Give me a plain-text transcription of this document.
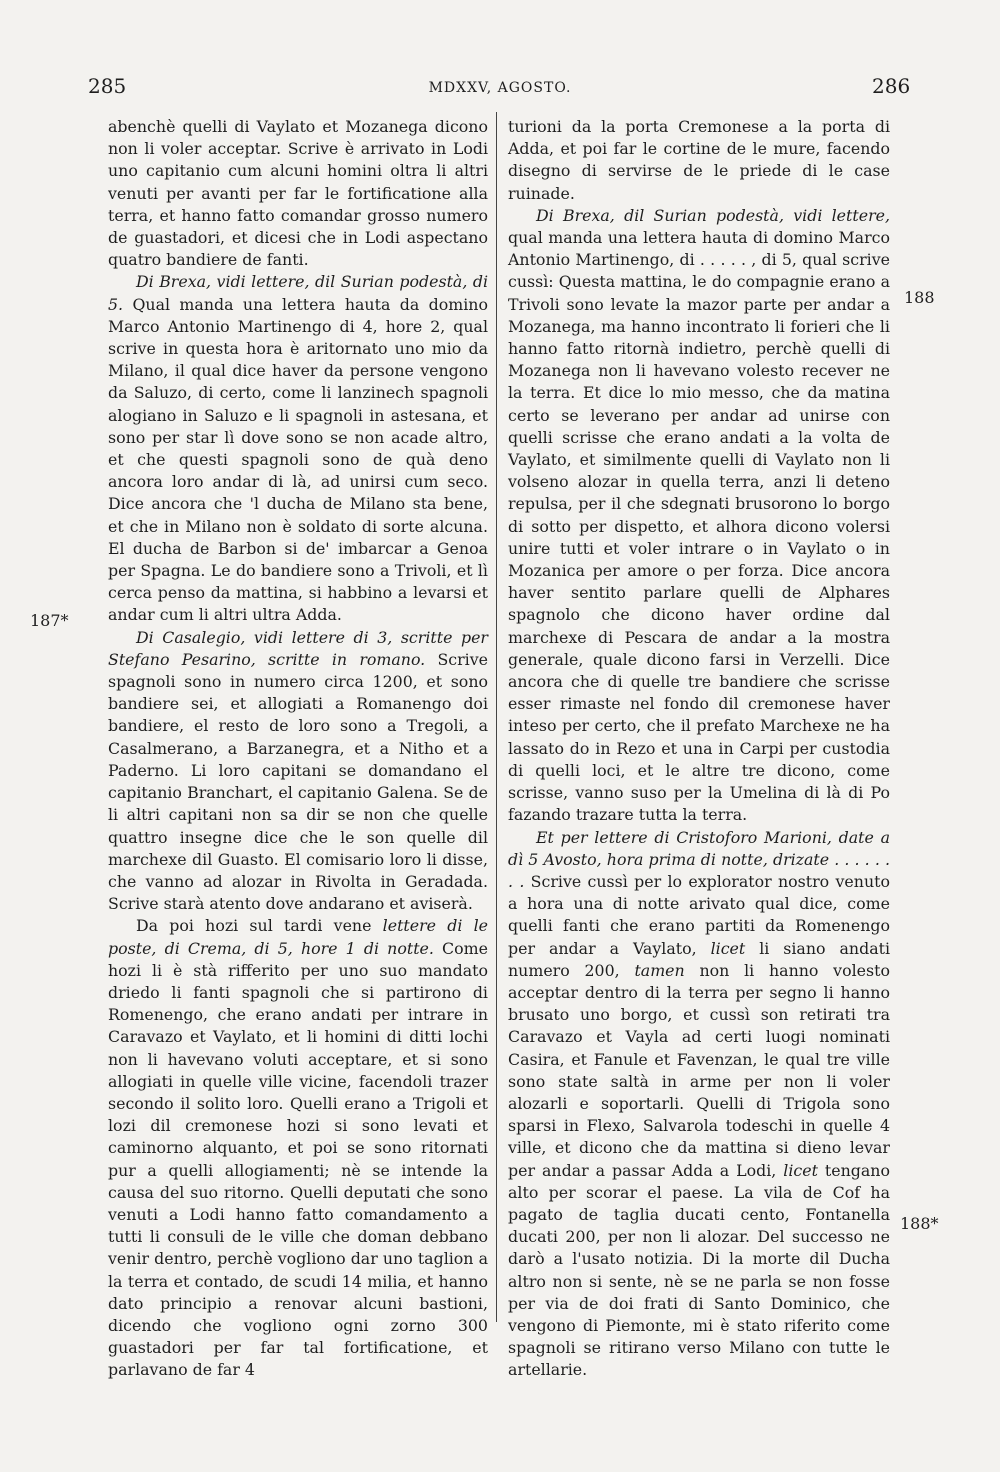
285	MDXXV, AGOSTO.	286
187*
188
188*

abenchè quelli di Vaylato et Mozanega dicono non li voler acceptar. Scrive è arrivato in Lodi uno capitanio cum alcuni homini oltra li altri venuti per avanti per far le fortificatione alla terra, et hanno fatto comandar grosso numero de guastadori, et dicesi che in Lodi aspectano quatro bandiere de fanti.

Di Brexa, vidi lettere, dil Surian podestà, di 5. Qual manda una lettera hauta da domino Marco Antonio Martinengo di 4, hore 2, qual scrive in questa hora è aritornato uno mio da Milano, il qual dice haver da persone vengono da Saluzo, di certo, come li lanzinech spagnoli alogiano in Saluzo e li spagnoli in astesana, et sono per star lì dove sono se non acade altro, et che questi spagnoli sono de quà deno ancora loro andar di là, ad unirsi cum seco. Dice ancora che 'l ducha de Milano sta bene, et che in Milano non è soldato di sorte alcuna. El ducha de Barbon si de' imbarcar a Genoa per Spagna. Le do bandiere sono a Trivoli, et lì cerca penso da mattina, si habbino a levarsi et andar cum li altri ultra Adda.

Di Casalegio, vidi lettere di 3, scritte per Stefano Pesarino, scritte in romano. Scrive spagnoli sono in numero circa 1200, et sono bandiere sei, et allogiati a Romanengo doi bandiere, el resto de loro sono a Tregoli, a Casalmerano, a Barzanegra, et a Nitho et a Paderno. Li loro capitani se domandano el capitanio Branchart, el capitanio Galena. Se de li altri capitani non sa dir se non che quelle quattro insegne dice che le son quelle dil marchexe dil Guasto. El comisario loro li disse, che vanno ad alozar in Rivolta in Geradada. Scrive starà atento dove andarano et aviserà.

Da poi hozi sul tardi vene lettere di le poste, di Crema, di 5, hore 1 di notte. Come hozi li è stà rifferito per uno suo mandato driedo li fanti spagnoli che si partirono di Romenengo, che erano andati per intrare in Caravazo et Vaylato, et li homini di ditti lochi non li havevano voluti acceptare, et si sono allogiati in quelle ville vicine, facendoli trazer secondo il solito loro. Quelli erano a Trigoli et lozi dil cremonese hozi si sono levati et caminorno alquanto, et poi se sono ritornati pur a quelli allogiamenti; nè se intende la causa del suo ritorno. Quelli deputati che sono venuti a Lodi hanno fatto comandamento a tutti li consuli de le ville che doman debbano venir dentro, perchè vogliono dar uno taglion a la terra et contado, de scudi 14 milia, et hanno dato principio a renovar alcuni bastioni, dicendo che vogliono ogni zorno 300 guastadori per far tal fortificatione, et parlavano de far 4

turioni da la porta Cremonese a la porta di Adda, et poi far le cortine de le mure, facendo disegno di servirse de le priede di le case ruinade.

Di Brexa, dil Surian podestà, vidi lettere, qual manda una lettera hauta di domino Marco Antonio Martinengo, di . . . . . , di 5, qual scrive cussì: Questa mattina, le do compagnie erano a Trivoli sono levate la mazor parte per andar a Mozanega, ma hanno incontrato li forieri che li hanno fatto ritornà indietro, perchè quelli di Mozanega non li havevano volesto recever ne la terra. Et dice lo mio messo, che da matina certo se leverano per andar ad unirse con quelli scrisse che erano andati a la volta de Vaylato, et similmente quelli di Vaylato non li volseno alozar in quella terra, anzi li deteno repulsa, per il che sdegnati brusorono lo borgo di sotto per dispetto, et alhora dicono volersi unire tutti et voler intrare o in Vaylato o in Mozanica per amore o per forza. Dice ancora haver sentito parlare quelli de Alphares spagnolo che dicono haver ordine dal marchexe di Pescara de andar a la mostra generale, quale dicono farsi in Verzelli. Dice ancora che di quelle tre bandiere che scrisse esser rimaste nel fondo dil cremonese haver inteso per certo, che il prefato Marchexe ne ha lassato do in Rezo et una in Carpi per custodia di quelli loci, et le altre tre dicono, come scrisse, vanno suso per la Umelina di là di Po fazando trazare tutta la terra.

Et per lettere di Cristoforo Marioni, date a dì 5 Avosto, hora prima di notte, drizate . . . . . . . . Scrive cussì per lo explorator nostro venuto a hora una di notte arivato qual dice, come quelli fanti che erano partiti da Romenengo per andar a Vaylato, licet li siano andati numero 200, tamen non li hanno volesto acceptar dentro di la terra per segno li hanno brusato uno borgo, et cussì son retirati tra Caravazo et Vayla ad certi luogi nominati Casira, et Fanule et Favenzan, le qual tre ville sono state saltà in arme per non li voler alozarli e soportarli. Quelli di Trigola sono sparsi in Flexo, Salvarola todeschi in quelle 4 ville, et dicono che da mattina si dieno levar per andar a passar Adda a Lodi, licet tengano alto per scorar el paese. La vila de Cof ha pagato de taglia ducati cento, Fontanella ducati 200, per non li alozar. Del successo ne darò a l'usato notizia. Di la morte dil Ducha altro non si sente, nè se ne parla se non fosse per via de doi frati di Santo Dominico, che vengono di Piemonte, mi è stato riferito come spagnoli se ritirano verso Milano con tutte le artellarie.
